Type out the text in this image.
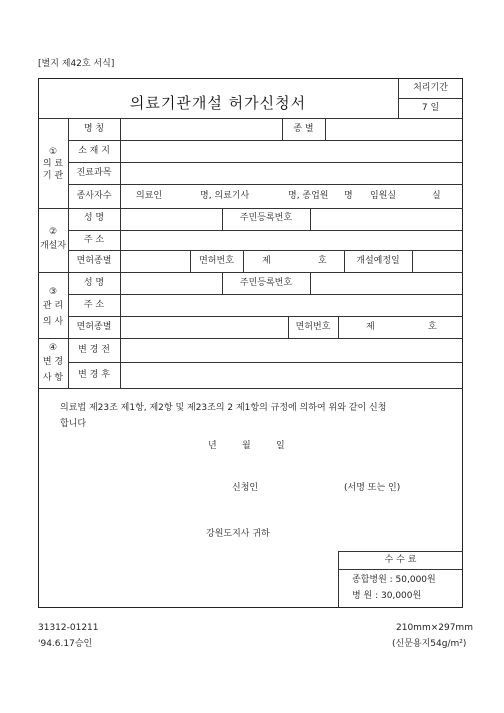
[별지 제42호 서식]
의료기관개설 허가신청서
처리기간
7 일
①
의 료
기 관
명 칭	종 별
소 재 지
진료과목
종사자수	의료인	명, 의료기사	명, 종업원 명 임원실	실
②
개설자
성 명	주민등록번호
주 소
면허종별	면허번호	제	호	개설예정일
③
관 리
의 사
성 명	주민등록번호
주 소
면허종별	면허번호	제	호
④
변 경
사 항
변 경 전
변 경 후
의료법 제23조 제1항, 제2항 및 제23조의 2 제1항의 규정에 의하여 위와 같이 신청
합니다
년	월	일
신청인	(서명 또는 인)
강원도지사 귀하
수 수 료
종합병원 : 50,000원
병 원 : 30,000원
31312-01211
'94.6.17승인
210mm×297mm
(신문용지54g/m²)
